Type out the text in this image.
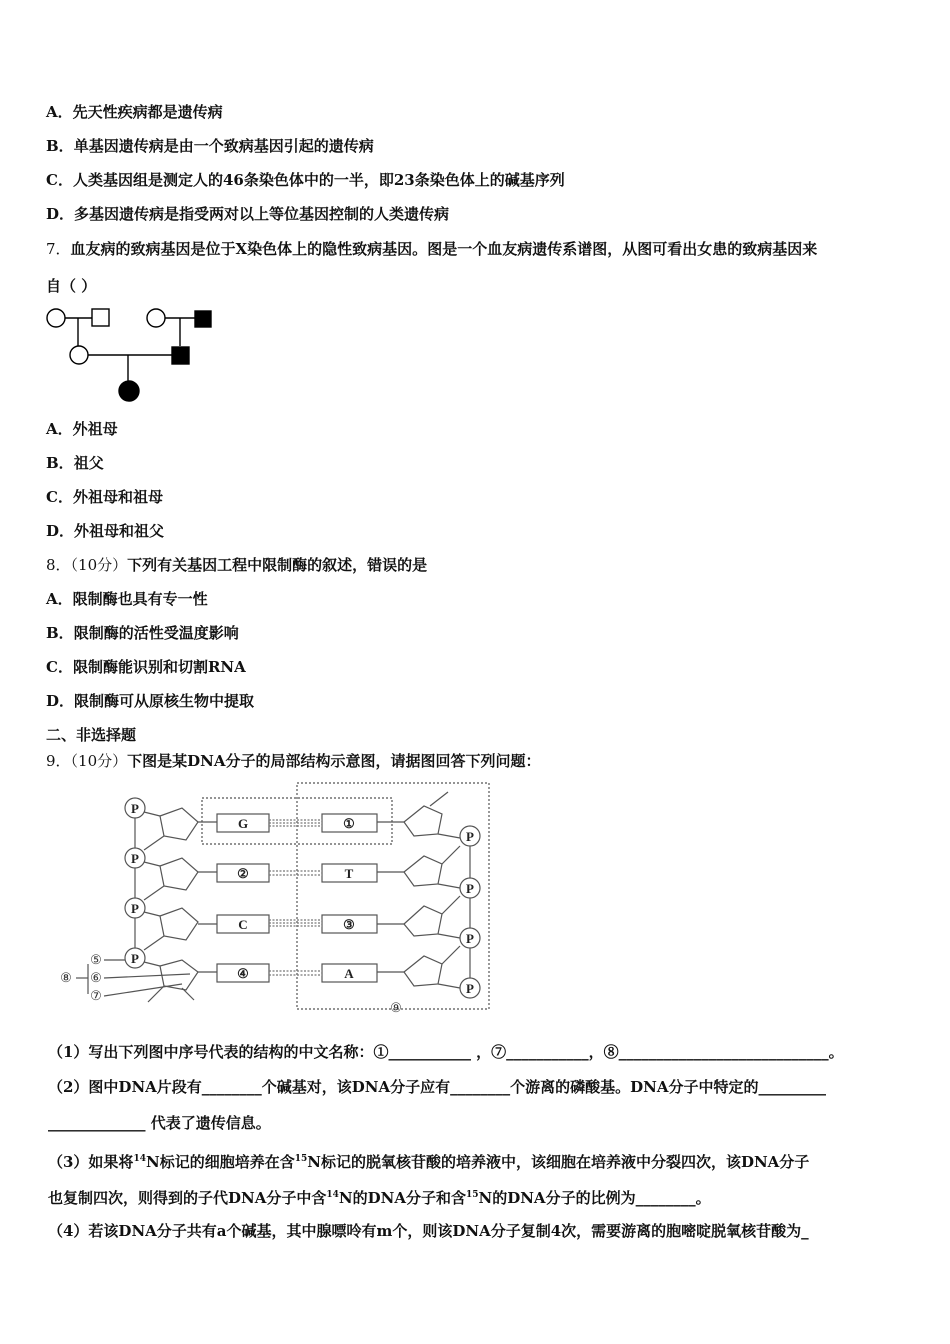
A．先天性疾病都是遗传病
B．单基因遗传病是由一个致病基因引起的遗传病
C．人类基因组是测定人的46条染色体中的一半，即23条染色体上的碱基序列
D．多基因遗传病是指受两对以上等位基因控制的人类遗传病
7．血友病的致病基因是位于X染色体上的隐性致病基因。图是一个血友病遗传系谱图，从图可看出女患的致病基因来
自（ ）
A．外祖母
B．祖父
C．外祖母和祖母
D．外祖母和祖父
8．（10分）下列有关基因工程中限制酶的叙述，错误的是
A．限制酶也具有专一性
B．限制酶的活性受温度影响
C．限制酶能识别和切割RNA
D．限制酶可从原核生物中提取
二、非选择题
9．（10分）下图是某DNA分子的局部结构示意图，请据图回答下列问题：
P
P
P
P
P
P
P
P
G	①
②	T
C	③
④	A
⑤
⑥
⑦
⑧
⑨
（1）写出下列图中序号代表的结构的中文名称：①___________ ，⑦___________，⑧____________________________。
（2）图中DNA片段有________个碱基对，该DNA分子应有________个游离的磷酸基。DNA分子中特定的_________
_____________ 代表了遗传信息。
（3）如果将$^{14}$N标记的细胞培养在含$^{15}$N标记的脱氧核苷酸的培养液中，该细胞在培养液中分裂四次，该DNA分子
也复制四次，则得到的子代DNA分子中含$^{14}$N的DNA分子和含$^{15}$N的DNA分子的比例为________。
（4）若该DNA分子共有a个碱基，其中腺嘌呤有m个，则该DNA分子复制4次，需要游离的胞嘧啶脱氧核苷酸为_
